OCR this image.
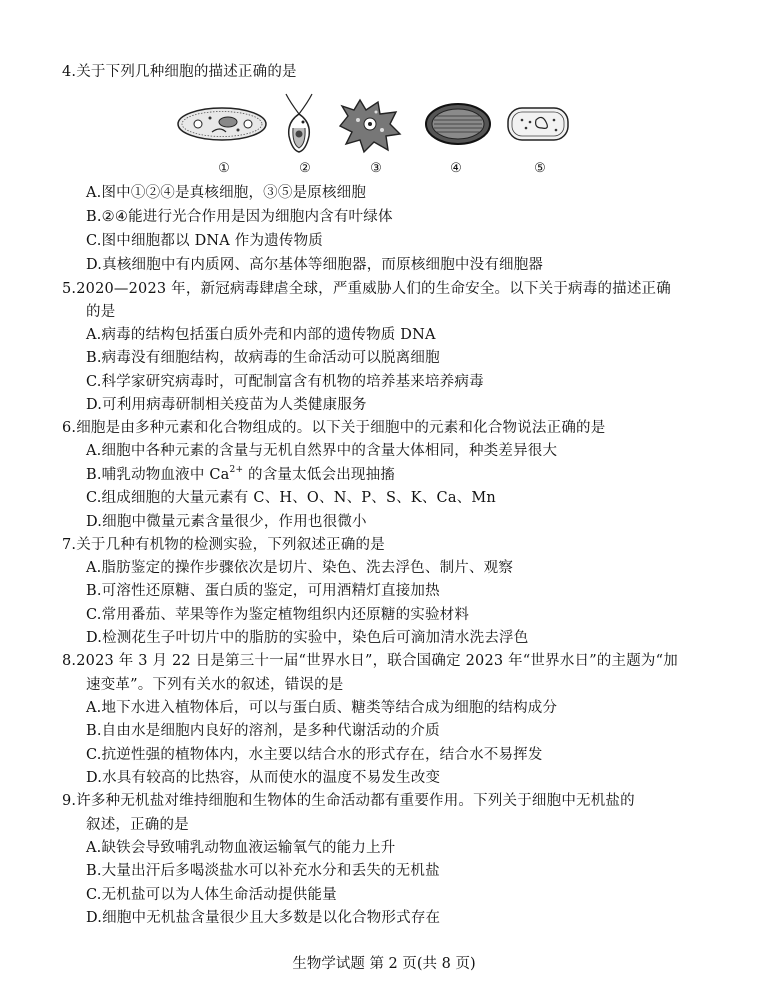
4.关于下列几种细胞的描述正确的是
①	②	③	④	⑤
A.图中①②④是真核细胞，③⑤是原核细胞
B.②④能进行光合作用是因为细胞内含有叶绿体
C.图中细胞都以 DNA 作为遗传物质
D.真核细胞中有内质网、高尔基体等细胞器，而原核细胞中没有细胞器
5.2020—2023 年，新冠病毒肆虐全球，严重威胁人们的生命安全。以下关于病毒的描述正确
的是
A.病毒的结构包括蛋白质外壳和内部的遗传物质 DNA
B.病毒没有细胞结构，故病毒的生命活动可以脱离细胞
C.科学家研究病毒时，可配制富含有机物的培养基来培养病毒
D.可利用病毒研制相关疫苗为人类健康服务
6.细胞是由多种元素和化合物组成的。以下关于细胞中的元素和化合物说法正确的是
A.细胞中各种元素的含量与无机自然界中的含量大体相同，种类差异很大
B.哺乳动物血液中 $Ca^{2+}$ 的含量太低会出现抽搐
C.组成细胞的大量元素有 C、H、O、N、P、S、K、Ca、Mn
D.细胞中微量元素含量很少，作用也很微小
7.关于几种有机物的检测实验，下列叙述正确的是
A.脂肪鉴定的操作步骤依次是切片、染色、洗去浮色、制片、观察
B.可溶性还原糖、蛋白质的鉴定，可用酒精灯直接加热
C.常用番茄、苹果等作为鉴定植物组织内还原糖的实验材料
D.检测花生子叶切片中的脂肪的实验中，染色后可滴加清水洗去浮色
8.2023 年 3 月 22 日是第三十一届“世界水日”，联合国确定 2023 年“世界水日”的主题为“加
速变革”。下列有关水的叙述，错误的是
A.地下水进入植物体后，可以与蛋白质、糖类等结合成为细胞的结构成分
B.自由水是细胞内良好的溶剂，是多种代谢活动的介质
C.抗逆性强的植物体内，水主要以结合水的形式存在，结合水不易挥发
D.水具有较高的比热容，从而使水的温度不易发生改变
9.许多种无机盐对维持细胞和生物体的生命活动都有重要作用。下列关于细胞中无机盐的
叙述，正确的是
A.缺铁会导致哺乳动物血液运输氧气的能力上升
B.大量出汗后多喝淡盐水可以补充水分和丢失的无机盐
C.无机盐可以为人体生命活动提供能量
D.细胞中无机盐含量很少且大多数是以化合物形式存在
生物学试题 第 2 页(共 8 页)
